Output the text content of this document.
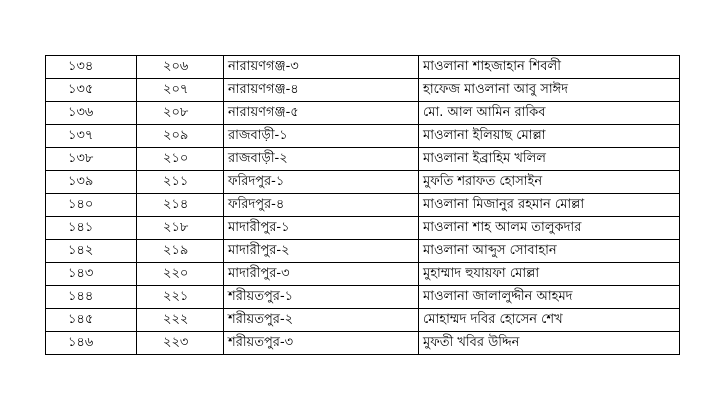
১৩৪	২০৬	নারায়ণগঞ্জ-৩	মাওলানা শাহজাহান শিবলী
১৩৫	২০৭	নারায়ণগঞ্জ-৪	হাফেজ মাওলানা আবু সাঈদ
১৩৬	২০৮	নারায়ণগঞ্জ-৫	মো. আল আমিন রাকিব
১৩৭	২০৯	রাজবাড়ী-১	মাওলানা ইলিয়াছ মোল্লা
১৩৮	২১০	রাজবাড়ী-২	মাওলানা ইব্রাহিম খলিল
১৩৯	২১১	ফরিদপুর-১	মুফতি শরাফত হোসাইন
১৪০	২১৪	ফরিদপুর-৪	মাওলানা মিজানুর রহমান মোল্লা
১৪১	২১৮	মাদারীপুর-১	মাওলানা শাহ আলম তালুকদার
১৪২	২১৯	মাদারীপুর-২	মাওলানা আব্দুস সোবাহান
১৪৩	২২০	মাদারীপুর-৩	মুহাম্মাদ হুযায়ফা মোল্লা
১৪৪	২২১	শরীয়তপুর-১	মাওলানা জালালুদ্দীন আহমদ
১৪৫	২২২	শরীয়তপুর-২	মোহাম্মদ দবির হোসেন শেখ
১৪৬	২২৩	শরীয়তপুর-৩	মুফতী খবির উদ্দিন
